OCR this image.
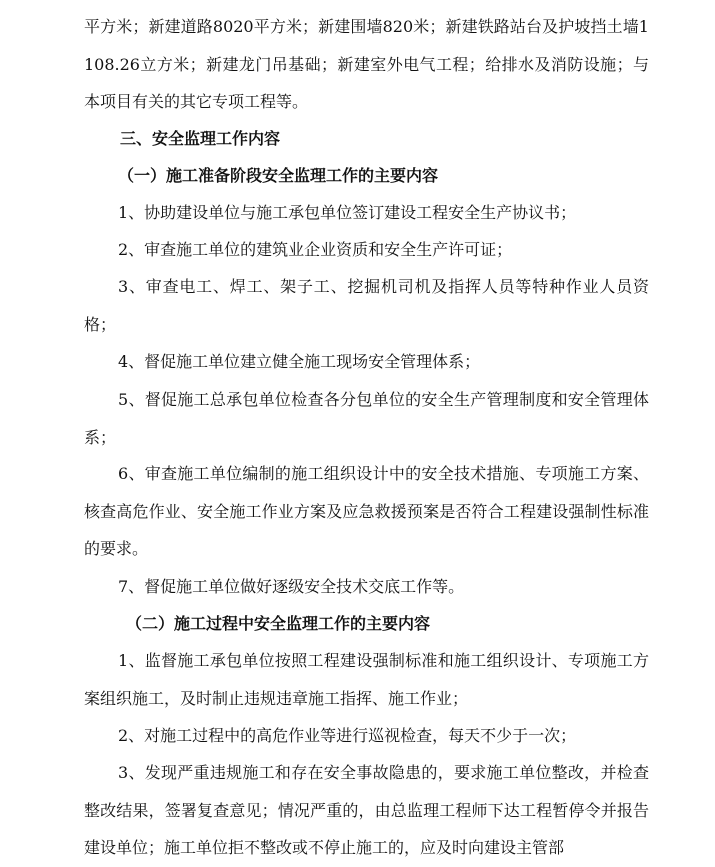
平方米；新建道路8020平方米；新建围墙820米；新建铁路站台及护坡挡土墙1108.26立方米；新建龙门吊基础；新建室外电气工程；给排水及消防设施；与本项目有关的其它专项工程等。

三、安全监理工作内容

（一）施工准备阶段安全监理工作的主要内容

1、协助建设单位与施工承包单位签订建设工程安全生产协议书；

2、审查施工单位的建筑业企业资质和安全生产许可证；

3、审查电工、焊工、架子工、挖掘机司机及指挥人员等特种作业人员资格；

4、督促施工单位建立健全施工现场安全管理体系；

5、督促施工总承包单位检查各分包单位的安全生产管理制度和安全管理体系；

6、审查施工单位编制的施工组织设计中的安全技术措施、专项施工方案、核查高危作业、安全施工作业方案及应急救援预案是否符合工程建设强制性标准的要求。

7、督促施工单位做好逐级安全技术交底工作等。

（二）施工过程中安全监理工作的主要内容

1、监督施工承包单位按照工程建设强制标准和施工组织设计、专项施工方案组织施工，及时制止违规违章施工指挥、施工作业；

2、对施工过程中的高危作业等进行巡视检查，每天不少于一次；

3、发现严重违规施工和存在安全事故隐患的，要求施工单位整改，并检查整改结果，签署复查意见；情况严重的，由总监理工程师下达工程暂停令并报告建设单位；施工单位拒不整改或不停止施工的，应及时向建设主管部
